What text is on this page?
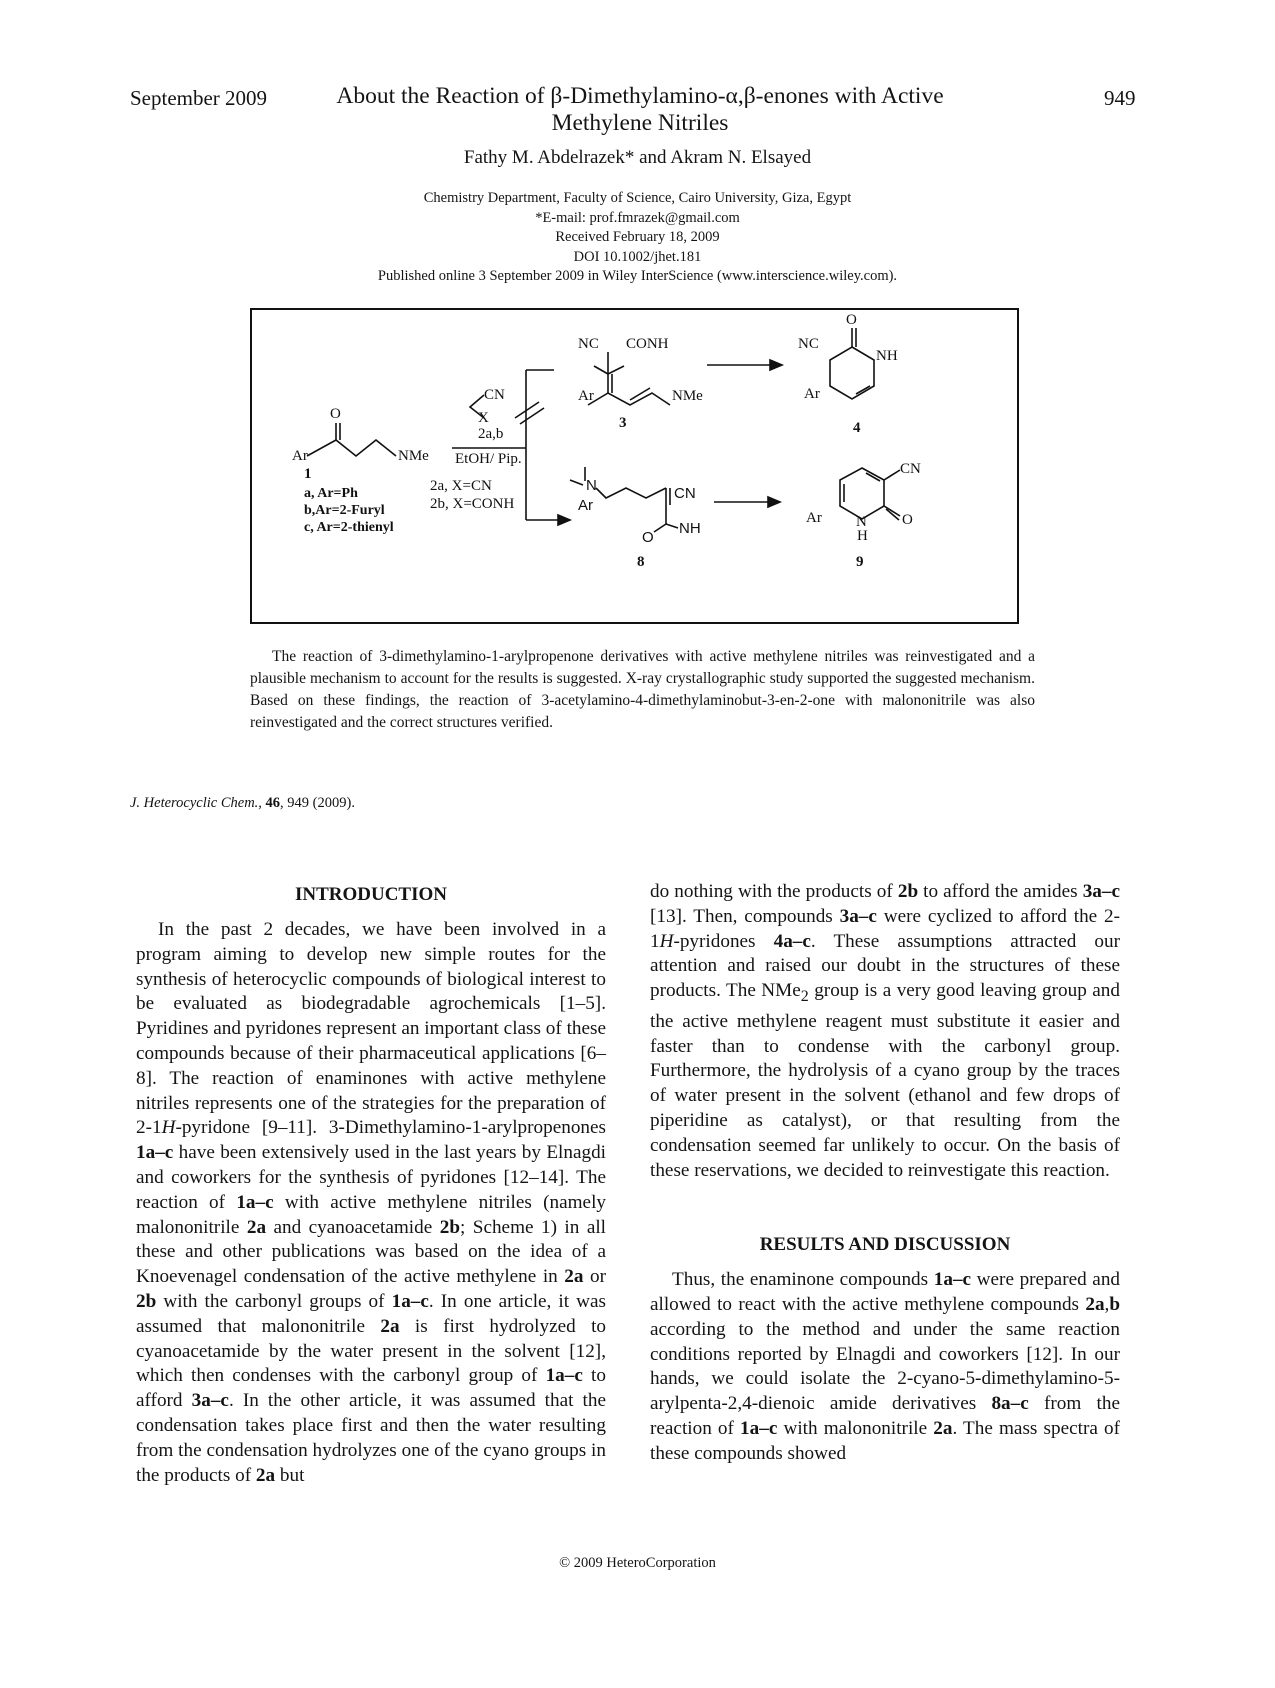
September 2009	949
About the Reaction of β-Dimethylamino-α,β-enones with Active
Methylene Nitriles
Fathy M. Abdelrazek* and Akram N. Elsayed
Chemistry Department, Faculty of Science, Cairo University, Giza, Egypt
*E-mail: prof.fmrazek@gmail.com
Received February 18, 2009
DOI 10.1002/jhet.181
Published online 3 September 2009 in Wiley InterScience (www.interscience.wiley.com).
O
Ar	NMe
1
a, Ar=Ph
b,Ar=2-Furyl
c, Ar=2-thienyl
CN
X
2a,b
EtOH/ Pip.
2a, X=CN
2b, X=CONH
NC CONH
Ar	NMe
3
O
NC
NH
Ar
4
N
Ar
CN
O
NH
8
CN
Ar N
H
O
9
The reaction of 3-dimethylamino-1-arylpropenone derivatives with active methylene nitriles was reinvestigated and a plausible mechanism to account for the results is suggested. X-ray crystallographic study supported the suggested mechanism. Based on these findings, the reaction of 3-acetylamino-4-dimethylaminobut-3-en-2-one with malononitrile was also reinvestigated and the correct structures verified.
J. Heterocyclic Chem., 46, 949 (2009).
INTRODUCTION

In the past 2 decades, we have been involved in a program aiming to develop new simple routes for the synthesis of heterocyclic compounds of biological interest to be evaluated as biodegradable agrochemicals [1–5]. Pyridines and pyridones represent an important class of these compounds because of their pharmaceutical applications [6–8]. The reaction of enaminones with active methylene nitriles represents one of the strategies for the preparation of 2-1H-pyridone [9–11]. 3-Dimethylamino-1-arylpropenones 1a–c have been extensively used in the last years by Elnagdi and coworkers for the synthesis of pyridones [12–14]. The reaction of 1a–c with active methylene nitriles (namely malononitrile 2a and cyanoacetamide 2b; Scheme 1) in all these and other publications was based on the idea of a Knoevenagel condensation of the active methylene in 2a or 2b with the carbonyl groups of 1a–c. In one article, it was assumed that malononitrile 2a is first hydrolyzed to cyanoacetamide by the water present in the solvent [12], which then condenses with the carbonyl group of 1a–c to afford 3a–c. In the other article, it was assumed that the condensation takes place first and then the water resulting from the condensation hydrolyzes one of the cyano groups in the products of 2a but

do nothing with the products of 2b to afford the amides 3a–c [13]. Then, compounds 3a–c were cyclized to afford the 2-1H-pyridones 4a–c. These assumptions attracted our attention and raised our doubt in the structures of these products. The NMe$_2$ group is a very good leaving group and the active methylene reagent must substitute it easier and faster than to condense with the carbonyl group. Furthermore, the hydrolysis of a cyano group by the traces of water present in the solvent (ethanol and few drops of piperidine as catalyst), or that resulting from the condensation seemed far unlikely to occur. On the basis of these reservations, we decided to reinvestigate this reaction.

RESULTS AND DISCUSSION

Thus, the enaminone compounds 1a–c were prepared and allowed to react with the active methylene compounds 2a,b according to the method and under the same reaction conditions reported by Elnagdi and coworkers [12]. In our hands, we could isolate the 2-cyano-5-dimethylamino-5-arylpenta-2,4-dienoic amide derivatives 8a–c from the reaction of 1a–c with malononitrile 2a. The mass spectra of these compounds showed

© 2009 HeteroCorporation
